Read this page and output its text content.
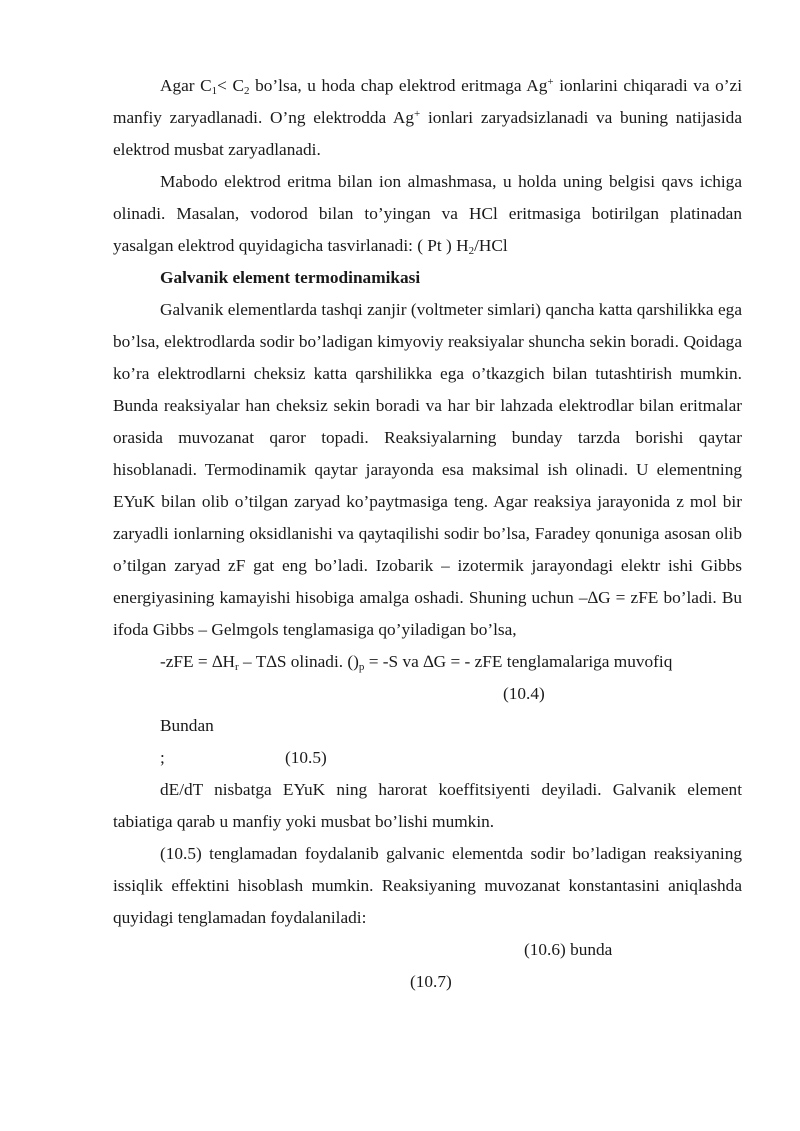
Agar $C_1< C_2$ bo’lsa, u hoda chap elektrod eritmaga Ag+ ionlarini chiqaradi va o’zi manfiy zaryadlanadi. O’ng elektrodda Ag+ ionlari zaryadsizlanadi va buning natijasida elektrod musbat zaryadlanadi.

Mabodo elektrod eritma bilan ion almashmasa, u holda uning belgisi qavs ichiga olinadi. Masalan, vodorod bilan to’yingan va HCl eritmasiga botirilgan platinadan yasalgan elektrod quyidagicha tasvirlanadi: ( Pt ) $H_2$/HCl

Galvanik element termodinamikasi

Galvanik elementlarda tashqi zanjir (voltmeter simlari) qancha katta qarshilikka ega bo’lsa, elektrodlarda sodir bo’ladigan kimyoviy reaksiyalar shuncha sekin boradi. Qoidaga ko’ra elektrodlarni cheksiz katta qarshilikka ega o’tkazgich bilan tutashtirish mumkin. Bunda reaksiyalar han cheksiz sekin boradi va har bir lahzada elektrodlar bilan eritmalar orasida muvozanat qaror topadi. Reaksiyalarning bunday tarzda borishi qaytar hisoblanadi. Termodinamik qaytar jarayonda esa maksimal ish olinadi. U elementning EYuK bilan olib o’tilgan zaryad ko’paytmasiga teng. Agar reaksiya jarayonida z mol bir zaryadli ionlarning oksidlanishi va qaytaqilishi sodir bo’lsa, Faradey qonuniga asosan olib o’tilgan zaryad zF gat eng bo’ladi. Izobarik – izotermik jarayondagi elektr ishi Gibbs energiyasining kamayishi hisobiga amalga oshadi. Shuning uchun –∆G = zFE bo’ladi. Bu ifoda Gibbs – Gelmgols tenglamasiga qo’yiladigan bo’lsa,

$-zFE = \Delta H_r - T\Delta S$ olinadi. $()_p = -S$ va ∆G = - zFE tenglamalariga muvofiq
(10.4)
Bundan
;	(10.5)

dE/dT nisbatga EYuK ning harorat koeffitsiyenti deyiladi. Galvanik element tabiatiga qarab u manfiy yoki musbat bo’lishi mumkin.

(10.5) tenglamadan foydalanib galvanic elementda sodir bo’ladigan reaksiyaning issiqlik effektini hisoblash mumkin. Reaksiyaning muvozanat konstantasini aniqlashda quyidagi tenglamadan foydalaniladi:

(10.6) bunda
(10.7)
